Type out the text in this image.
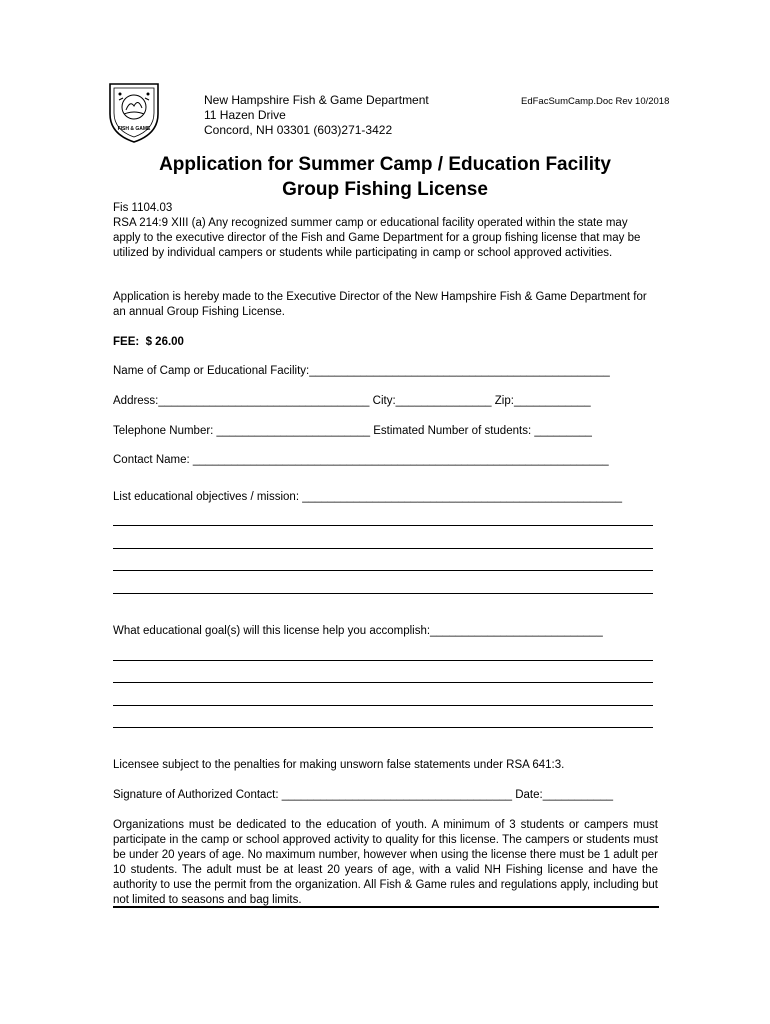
FISH & GAME
New Hampshire Fish & Game Department
11 Hazen Drive
Concord, NH 03301 (603)271-3422
EdFacSumCamp.Doc Rev 10/2018
Application for Summer Camp / Education Facility
Group Fishing License
Fis 1104.03
RSA 214:9 XIII (a) Any recognized summer camp or educational facility operated within the state may apply to the executive director of the Fish and Game Department for a group fishing license that may be utilized by individual campers or students while participating in camp or school approved activities.
Application is hereby made to the Executive Director of the New Hampshire Fish & Game Department for an annual Group Fishing License.
FEE:  $ 26.00
Name of Camp or Educational Facility:_______________________________________________
Address:_________________________________ City:_______________ Zip:____________
Telephone Number: ________________________ Estimated Number of students: _________
Contact Name: _________________________________________________________________
List educational objectives / mission: __________________________________________________
What educational goal(s) will this license help you accomplish:___________________________
Licensee subject to the penalties for making unsworn false statements under RSA 641:3.
Signature of Authorized Contact: ____________________________________ Date:___________
Organizations must be dedicated to the education of youth. A minimum of 3 students or campers must participate in the camp or school approved activity to quality for this license. The campers or students must be under 20 years of age. No maximum number, however when using the license there must be 1 adult per 10 students. The adult must be at least 20 years of age, with a valid NH Fishing license and have the authority to use the permit from the organization. All Fish & Game rules and regulations apply, including but not limited to seasons and bag limits.
